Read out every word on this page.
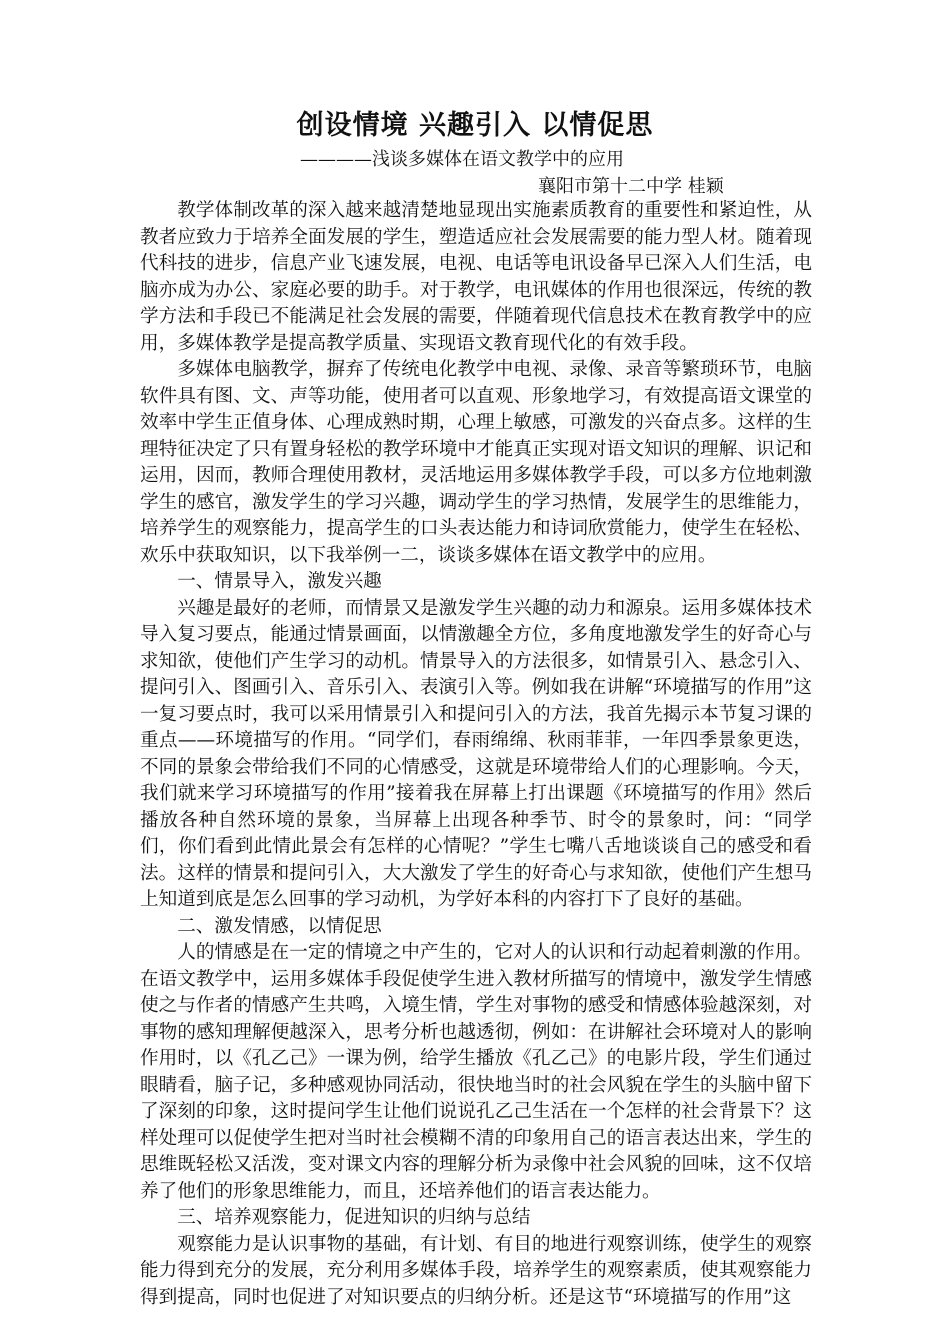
创设情境 兴趣引入 以情促思
————浅谈多媒体在语文教学中的应用
襄阳市第十二中学 桂颖

教学体制改革的深入越来越清楚地显现出实施素质教育的重要性和紧迫性，从教者应致力于培养全面发展的学生，塑造适应社会发展需要的能力型人材。随着现代科技的进步，信息产业飞速发展，电视、电话等电讯设备早已深入人们生活，电脑亦成为办公、家庭必要的助手。对于教学，电讯媒体的作用也很深远，传统的教学方法和手段已不能满足社会发展的需要，伴随着现代信息技术在教育教学中的应用，多媒体教学是提高教学质量、实现语文教育现代化的有效手段。

多媒体电脑教学，摒弃了传统电化教学中电视、录像、录音等繁琐环节，电脑软件具有图、文、声等功能，使用者可以直观、形象地学习，有效提高语文课堂的效率中学生正值身体、心理成熟时期，心理上敏感，可激发的兴奋点多。这样的生理特征决定了只有置身轻松的教学环境中才能真正实现对语文知识的理解、识记和运用，因而，教师合理使用教材，灵活地运用多媒体教学手段，可以多方位地刺激学生的感官，激发学生的学习兴趣，调动学生的学习热情，发展学生的思维能力，培养学生的观察能力，提高学生的口头表达能力和诗词欣赏能力，使学生在轻松、欢乐中获取知识，以下我举例一二，谈谈多媒体在语文教学中的应用。

一、情景导入，激发兴趣

兴趣是最好的老师，而情景又是激发学生兴趣的动力和源泉。运用多媒体技术导入复习要点，能通过情景画面，以情激趣全方位，多角度地激发学生的好奇心与求知欲，使他们产生学习的动机。情景导入的方法很多，如情景引入、悬念引入、提问引入、图画引入、音乐引入、表演引入等。例如我在讲解“环境描写的作用”这一复习要点时，我可以采用情景引入和提问引入的方法，我首先揭示本节复习课的重点——环境描写的作用。“同学们，春雨绵绵、秋雨菲菲，一年四季景象更迭，不同的景象会带给我们不同的心情感受，这就是环境带给人们的心理影响。今天，我们就来学习环境描写的作用”接着我在屏幕上打出课题《环境描写的作用》然后播放各种自然环境的景象，当屏幕上出现各种季节、时令的景象时，问：“同学们，你们看到此情此景会有怎样的心情呢？”学生七嘴八舌地谈谈自己的感受和看法。这样的情景和提问引入，大大激发了学生的好奇心与求知欲，使他们产生想马上知道到底是怎么回事的学习动机，为学好本科的内容打下了良好的基础。

二、激发情感，以情促思

人的情感是在一定的情境之中产生的，它对人的认识和行动起着刺激的作用。在语文教学中，运用多媒体手段促使学生进入教材所描写的情境中，激发学生情感使之与作者的情感产生共鸣，入境生情，学生对事物的感受和情感体验越深刻，对事物的感知理解便越深入，思考分析也越透彻，例如：在讲解社会环境对人的影响作用时，以《孔乙己》一课为例，给学生播放《孔乙己》的电影片段，学生们通过眼睛看，脑子记，多种感观协同活动，很快地当时的社会风貌在学生的头脑中留下了深刻的印象，这时提问学生让他们说说孔乙己生活在一个怎样的社会背景下？这样处理可以促使学生把对当时社会模糊不清的印象用自己的语言表达出来，学生的思维既轻松又活泼，变对课文内容的理解分析为录像中社会风貌的回味，这不仅培养了他们的形象思维能力，而且，还培养他们的语言表达能力。

三、培养观察能力，促进知识的归纳与总结

观察能力是认识事物的基础，有计划、有目的地进行观察训练，使学生的观察能力得到充分的发展，充分利用多媒体手段，培养学生的观察素质，使其观察能力得到提高，同时也促进了对知识要点的归纳分析。还是这节“环境描写的作用”这
